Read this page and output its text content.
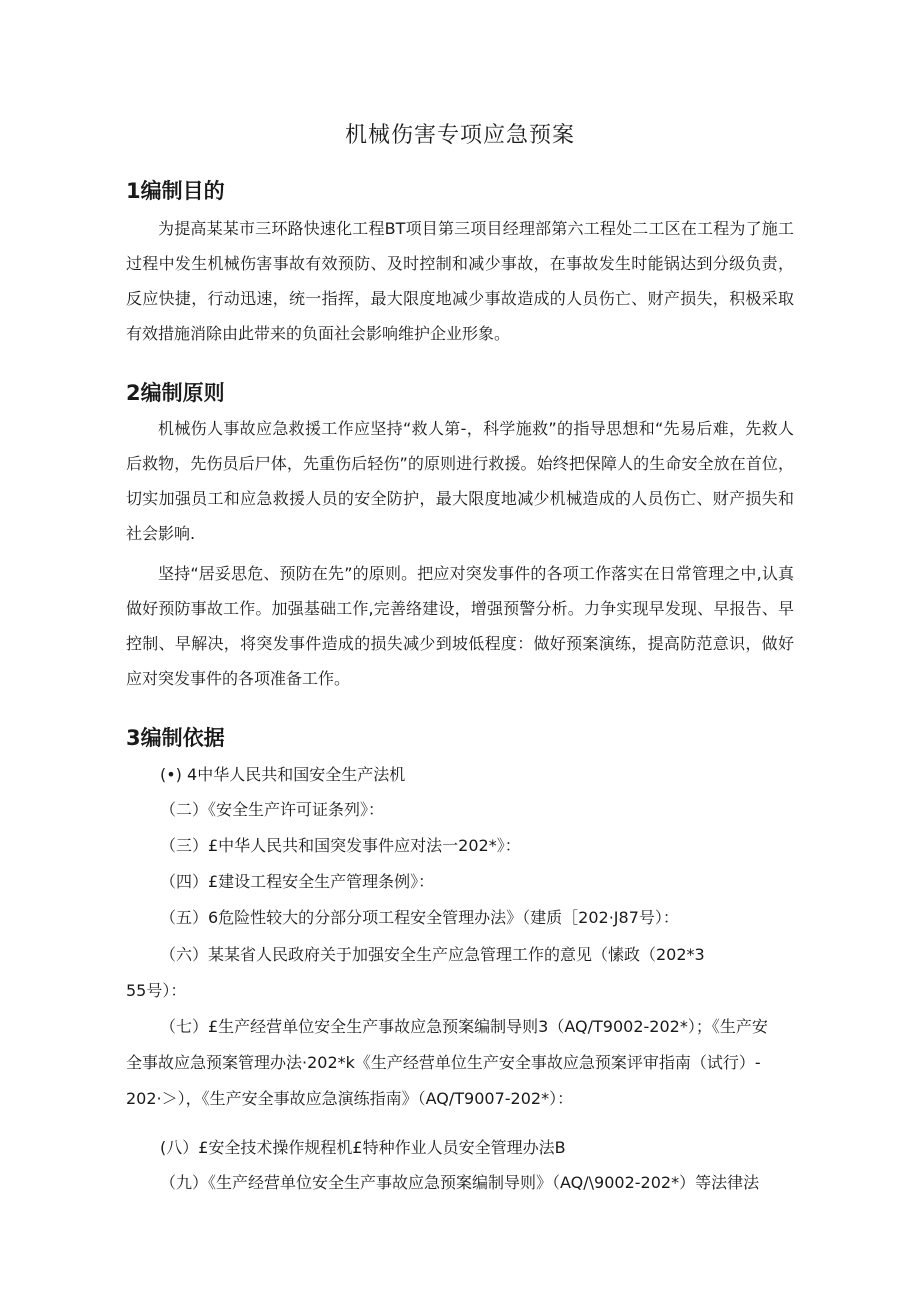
机械伤害专项应急预案
1编制目的

为提高某某市三环路快速化工程BT项目第三项目经理部第六工程处二工区在工程为了施工过程中发生机械伤害事故有效预防、及时控制和减少事故，在事故发生时能锅达到分级负责，反应快捷，行动迅速，统一指挥，最大限度地减少事故造成的人员伤亡、财产损失，积极采取有效措施消除由此带来的负面社会影响维护企业形象。

2编制原则

机械伤人事故应急救援工作应坚持“救人第-，科学施救”的指导思想和“先易后难，先救人后救物，先伤员后尸体，先重伤后轻伤”的原则进行救援。始终把保障人的生命安全放在首位，切实加强员工和应急救援人员的安全防护，最大限度地减少机械造成的人员伤亡、财产损失和社会影响.

坚持“居妥思危、预防在先”的原则。把应对突发事件的各项工作落实在日常管理之中,认真做好预防事故工作。加强基础工作,完善络建设，增强预警分析。力争实现早发现、早报告、早控制、早解决，将突发事件造成的损失减少到坡低程度：做好预案演练，提高防范意识，做好应对突发事件的各项准备工作。

3编制依据
(•) 4中华人民共和国安全生产法机
（二）《安全生产许可证条列》：
（三）£中华人民共和国突发事件应对法一202*》：
（四）£建设工程安全生产管理条例》：
（五）6危险性较大的分部分项工程安全管理办法》（建质［202·J87号）：
（六）某某省人民政府关于加强安全生产应急管理工作的意见（愫政（202*3
55号）：
（七）£生产经营单位安全生产事故应急预案编制导则3（AQ/T9002-202*）；《生产安
全事故应急预案管理办法·202*k《生产经营单位生产安全事故应急预案评审指南（试行）-
202·＞），《生产安全事故应急演练指南》（AQ/T9007-202*）：
(八）£安全技术操作规程机£特种作业人员安全管理办法B
（九）《生产经营单位安全生产事故应急预案编制导则》（AQ/\9002-202*）等法律法
